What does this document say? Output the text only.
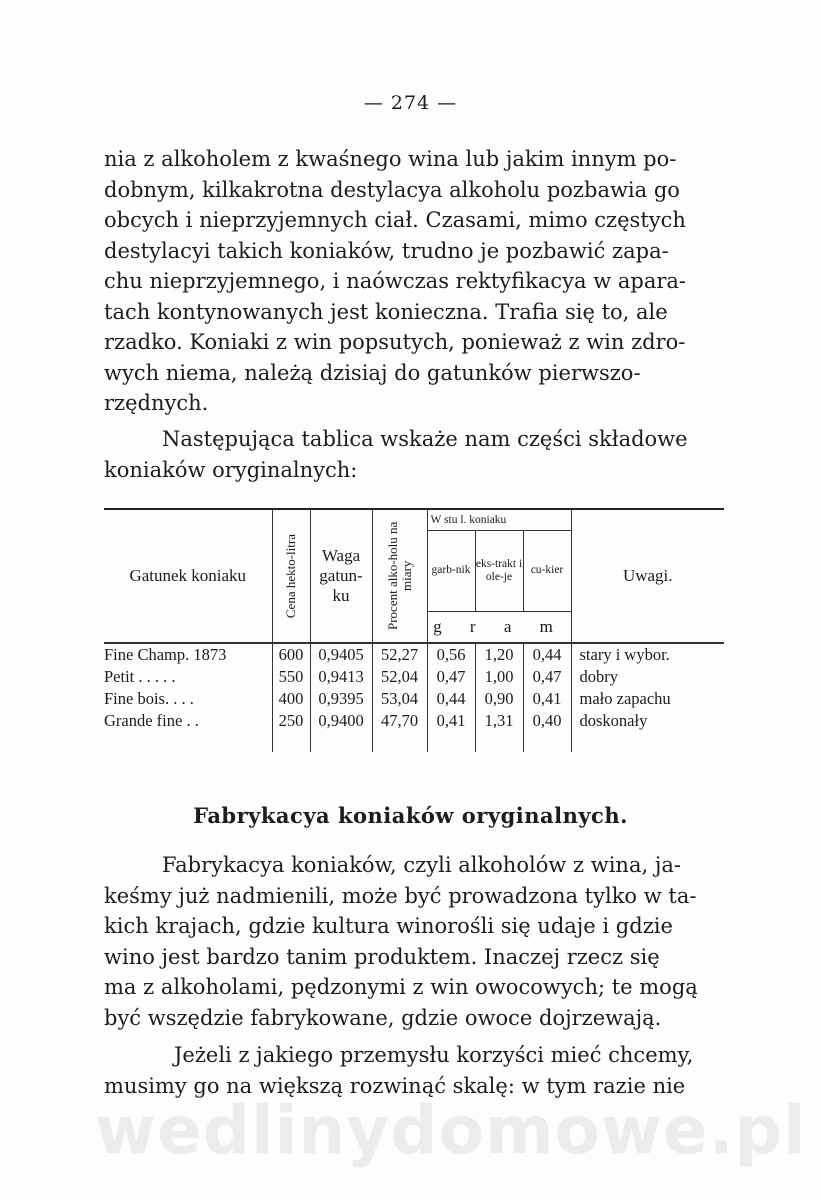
— 274 —
nia z alkoholem z kwaśnego wina lub jakim innym po-
dobnym, kilkakrotna destylacya alkoholu pozbawia go
obcych i nieprzyjemnych ciał. Czasami, mimo częstych
destylacyi takich koniaków, trudno je pozbawić zapa-
chu nieprzyjemnego, i naówczas rektyfikacya w apara-
tach kontynowanych jest konieczna. Trafia się to, ale
rzadko. Koniaki z win popsutych, ponieważ z win zdro-
wych niema, należą dzisiaj do gatunków pierwszo-
rzędnych.
Następująca tablica wskaże nam części składowe
koniaków oryginalnych:
Gatunek koniaku	Cena hekto-litra	Waga gatun-ku	Procent alko-holu na miary	W stu l. koniaku			Uwagi.
				garb-nik	eks-trakt i ole-je	cu-kier	
				g r a m			
Fine Champ. 1873	600	0,9405	52,27	0,56	1,20	0,44	stary i wybor.
Petit . . . . .	550	0,9413	52,04	0,47	1,00	0,47	dobry
Fine bois. . . .	400	0,9395	53,04	0,44	0,90	0,41	mało zapachu
Grande fine . .	250	0,9400	47,70	0,41	1,31	0,40	doskonały
Fabrykacya koniaków oryginalnych.
Fabrykacya koniaków, czyli alkoholów z wina, ja-
keśmy już nadmienili, może być prowadzona tylko w ta-
kich krajach, gdzie kultura winorośli się udaje i gdzie
wino jest bardzo tanim produktem. Inaczej rzecz się
ma z alkoholami, pędzonymi z win owocowych; te mogą
być wszędzie fabrykowane, gdzie owoce dojrzewają.
Jeżeli z jakiego przemysłu korzyści mieć chcemy,
musimy go na większą rozwinąć skalę: w tym razie nie
wedlinydomowe.pl
